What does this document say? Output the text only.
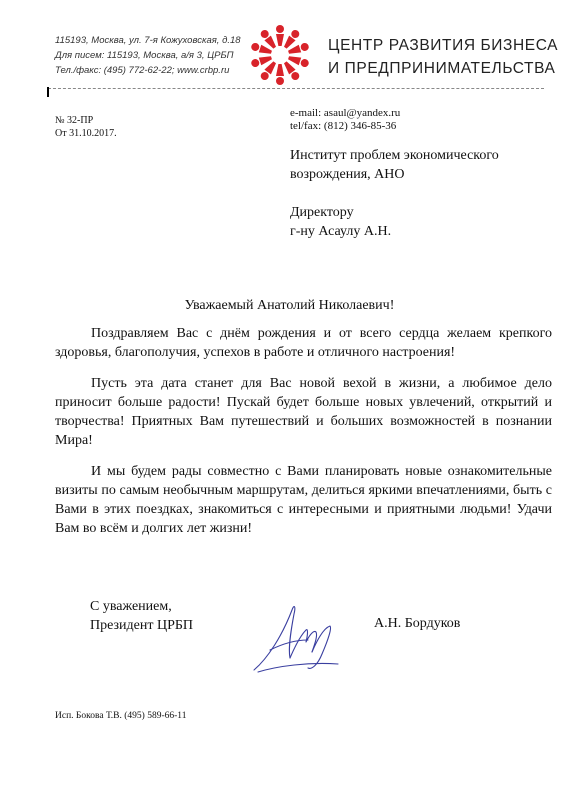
115193, Москва, ул. 7-я Кожуховская, д.18
Для писем: 115193, Москва, а/я 3, ЦРБП
Тел./факс: (495) 772-62-22; www.crbp.ru
ЦЕНТР РАЗВИТИЯ БИЗНЕСА
И ПРЕДПРИНИМАТЕЛЬСТВА
№ 32-ПР
От 31.10.2017.
e-mail: asaul@yandex.ru
tel/fax: (812) 346-85-36
Институт проблем экономического
возрождения, АНО
Директору
г-ну Асаулу А.Н.
Уважаемый Анатолий Николаевич!

Поздравляем Вас с днём рождения и от всего сердца желаем крепкого здоровья, благополучия, успехов в работе и отличного настроения!

Пусть эта дата станет для Вас новой вехой в жизни, а любимое дело приносит больше радости! Пускай будет больше новых увлечений, открытий и творчества! Приятных Вам путешествий и больших возможностей в познании Мира!

И мы будем рады совместно с Вами планировать новые ознакомительные визиты по самым необычным маршрутам, делиться яркими впечатлениями, быть с Вами в этих поездках, знакомиться с интересными и приятными людьми! Удачи Вам во всём и долгих лет жизни!

С уважением,
Президент ЦРБП	А.Н. Бордуков
Исп. Бокова Т.В. (495) 589-66-11
